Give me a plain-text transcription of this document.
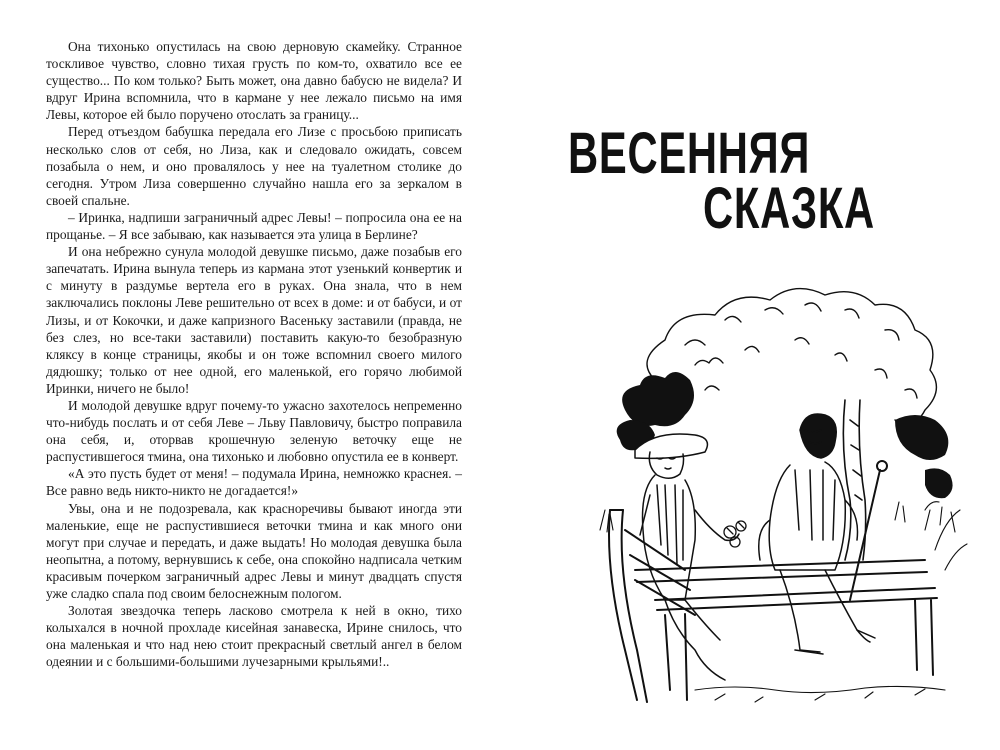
Она тихонько опустилась на свою дерновую скамейку. Странное тоскливое чувство, словно тихая грусть по ком-то, охватило все ее существо... По ком только? Быть может, она давно бабусю не видела? И вдруг Ирина вспомнила, что в кармане у нее лежало письмо на имя Левы, которое ей было поручено отослать за границу...

Перед отъездом бабушка передала его Лизе с просьбою приписать несколько слов от себя, но Лиза, как и следовало ожидать, совсем позабыла о нем, и оно провалялось у нее на туалетном столике до сегодня. Утром Лиза совершенно случайно нашла его за зеркалом в своей спальне.

– Иринка, надпиши заграничный адрес Левы! – попросила она ее на прощанье. – Я все забываю, как называется эта улица в Берлине?

И она небрежно сунула молодой девушке письмо, даже позабыв его запечатать. Ирина вынула теперь из кармана этот узенький конвертик и с минуту в раздумье вертела его в руках. Она знала, что в нем заключались поклоны Леве решительно от всех в доме: и от бабуси, и от Лизы, и от Кокочки, и даже капризного Васеньку заставили (правда, не без слез, но все-таки заставили) поставить какую-то безобразную кляксу в конце страницы, якобы и он тоже вспомнил своего милого дядюшку; только от нее одной, его маленькой, его горячо любимой Иринки, ничего не было!

И молодой девушке вдруг почему-то ужасно захотелось непременно что-нибудь послать и от себя Леве – Льву Павловичу, быстро поправила она себя, и, оторвав крошечную зеленую веточку еще не распустившегося тмина, она тихонько и любовно опустила ее в конверт.

«А это пусть будет от меня! – подумала Ирина, немножко краснея. – Все равно ведь никто-никто не догадается!»

Увы, она и не подозревала, как красноречивы бывают иногда эти маленькие, еще не распустившиеся веточки тмина и как много они могут при случае и передать, и даже выдать! Но молодая девушка была неопытна, а потому, вернувшись к себе, она спокойно надписала четким красивым почерком заграничный адрес Левы и минут двадцать спустя уже сладко спала под своим белоснежным пологом.

Золотая звездочка теперь ласково смотрела к ней в окно, тихо колыхался в ночной прохладе кисейная занавеска, Ирине снилось, что она маленькая и что над нею стоит прекрасный светлый ангел в белом одеянии и с большими-большими лучезарными крыльями!..

ВЕСЕННЯЯ
СКАЗКА
